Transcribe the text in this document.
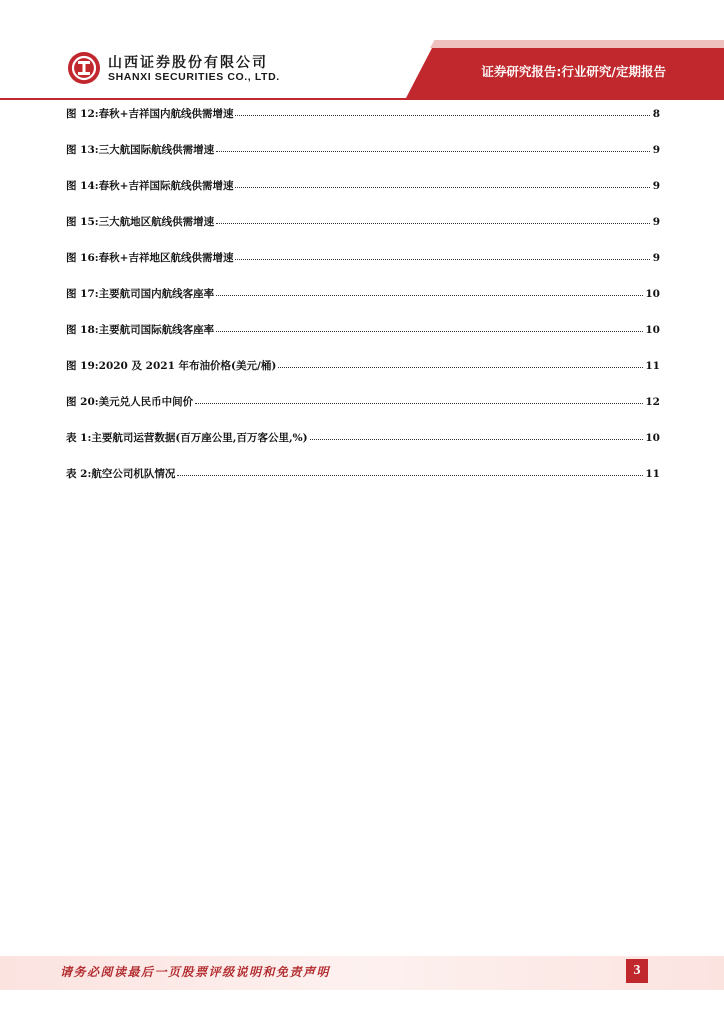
证券研究报告:行业研究/定期报告
山西证券股份有限公司
SHANXI SECURITIES CO., LTD.
图 12:春秋+吉祥国内航线供需增速	8
图 13:三大航国际航线供需增速	9
图 14:春秋+吉祥国际航线供需增速	9
图 15:三大航地区航线供需增速	9
图 16:春秋+吉祥地区航线供需增速	9
图 17:主要航司国内航线客座率	10
图 18:主要航司国际航线客座率	10
图 19:2020 及 2021 年布油价格(美元/桶)	11
图 20:美元兑人民币中间价	12
表 1:主要航司运营数据(百万座公里,百万客公里,%)	10
表 2:航空公司机队情况	11
请务必阅读最后一页股票评级说明和免责声明	3
